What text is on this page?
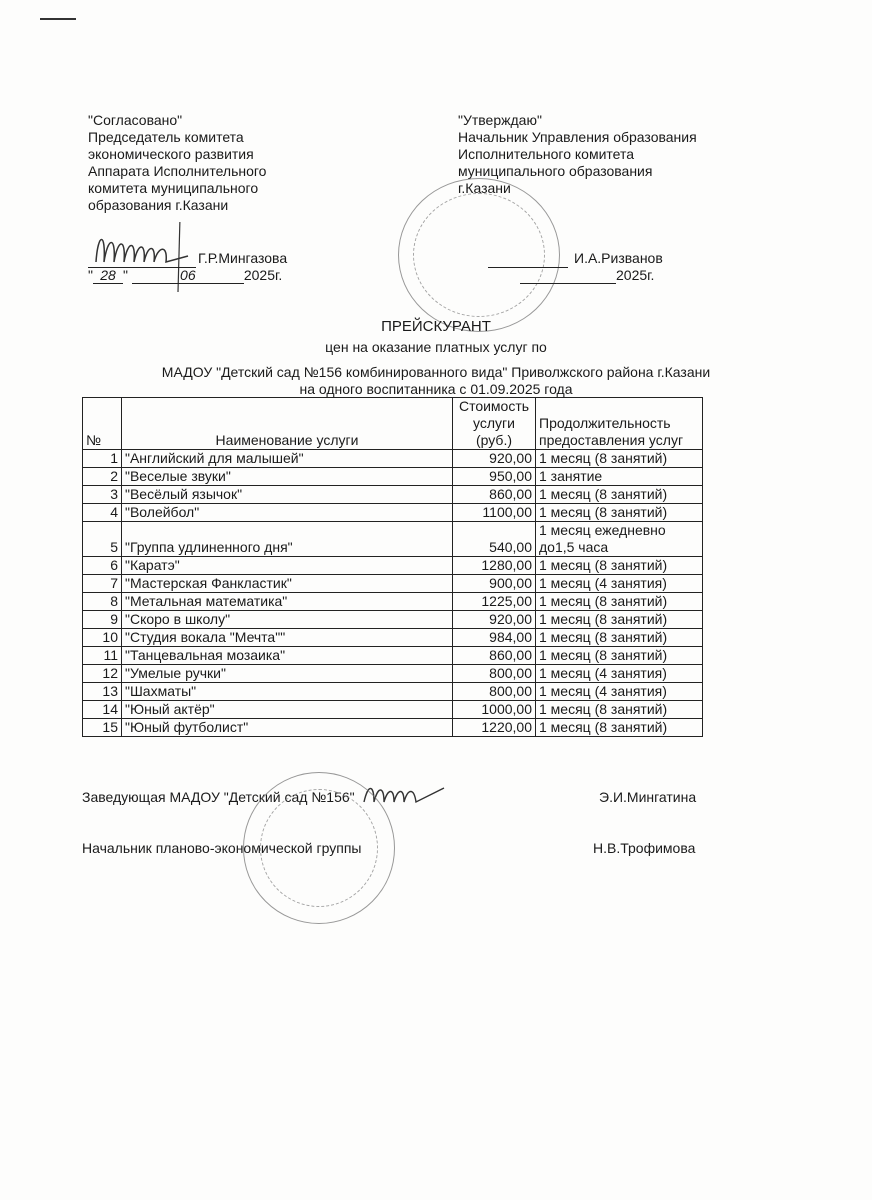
"Согласовано"
Председатель комитета
экономического развития
Аппарата Исполнительного
комитета муниципального
образования г.Казани
Г.Р.Мингазова
" 28 "	06	2025г.
"Утверждаю"
Начальник Управления образования
Исполнительного комитета
муниципального образования
г.Казани
И.А.Ризванов
2025г.
ПРЕЙСКУРАНТ
цен на оказание платных услуг по
МАДОУ "Детский сад №156 комбинированного вида" Приволжского района г.Казани
на одного воспитанника с 01.09.2025 года
№	Наименование услуги	Стоимость услуги (руб.)	Продолжительность предоставления услуг
1	"Английский для малышей"	920,00	1 месяц (8 занятий)
2	"Веселые звуки"	950,00	1 занятие
3	"Весёлый язычок"	860,00	1 месяц (8 занятий)
4	"Волейбол"	1100,00	1 месяц (8 занятий)
5	"Группа удлиненного дня"	540,00	1 месяц ежедневно до1,5 часа
6	"Каратэ"	1280,00	1 месяц (8 занятий)
7	"Мастерская Фанкластик"	900,00	1 месяц (4 занятия)
8	"Метальная математика"	1225,00	1 месяц (8 занятий)
9	"Скоро в школу"	920,00	1 месяц (8 занятий)
10	"Студия вокала "Мечта""	984,00	1 месяц (8 занятий)
11	"Танцевальная мозаика"	860,00	1 месяц (8 занятий)
12	"Умелые ручки"	800,00	1 месяц (4 занятия)
13	"Шахматы"	800,00	1 месяц (4 занятия)
14	"Юный актёр"	1000,00	1 месяц (8 занятий)
15	"Юный футболист"	1220,00	1 месяц (8 занятий)
Заведующая МАДОУ "Детский сад №156"	Э.И.Мингатина
Начальник планово-экономической группы	Н.В.Трофимова
